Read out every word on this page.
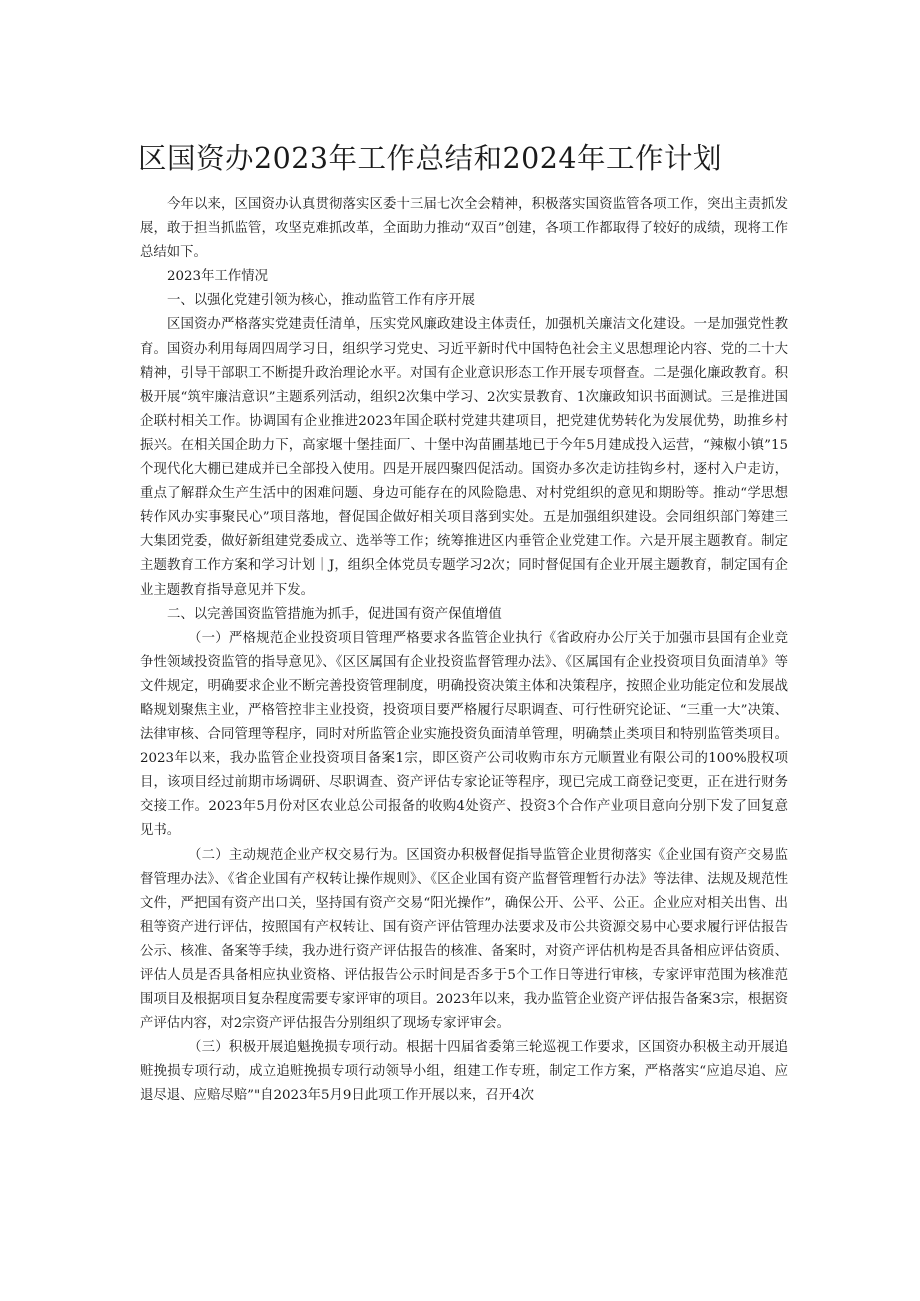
区国资办2023年工作总结和2024年工作计划

今年以来，区国资办认真贯彻落实区委十三届七次全会精神，积极落实国资监管各项工作，突出主责抓发展，敢于担当抓监管，攻坚克难抓改革，全面助力推动“双百”创建，各项工作都取得了较好的成绩，现将工作总结如下。

2023年工作情况

一、以强化党建引领为核心，推动监管工作有序开展

区国资办严格落实党建责任清单，压实党风廉政建设主体责任，加强机关廉洁文化建设。一是加强党性教育。国资办利用每周四周学习日，组织学习党史、习近平新时代中国特色社会主义思想理论内容、党的二十大精神，引导干部职工不断提升政治理论水平。对国有企业意识形态工作开展专项督查。二是强化廉政教育。积极开展“筑牢廉洁意识”主题系列活动，组织2次集中学习、2次实景教育、1次廉政知识书面测试。三是推进国企联村相关工作。协调国有企业推进2023年国企联村党建共建项目，把党建优势转化为发展优势，助推乡村振兴。在相关国企助力下，高家堰十堡挂面厂、十堡中沟苗圃基地已于今年5月建成投入运营，“辣椒小镇”15个现代化大棚已建成并已全部投入使用。四是开展四聚四促活动。国资办多次走访挂钩乡村，逐村入户走访，重点了解群众生产生活中的困难问题、身边可能存在的风险隐患、对村党组织的意见和期盼等。推动“学思想转作风办实事聚民心”项目落地，督促国企做好相关项目落到实处。五是加强组织建设。会同组织部门筹建三大集团党委，做好新组建党委成立、选举等工作；统筹推进区内垂管企业党建工作。六是开展主题教育。制定主题教育工作方案和学习计划｜J，组织全体党员专题学习2次；同时督促国有企业开展主题教育，制定国有企业主题教育指导意见并下发。

二、以完善国资监管措施为抓手，促进国有资产保值增值

（一）严格规范企业投资项目管理严格要求各监管企业执行《省政府办公厅关于加强市县国有企业竞争性领域投资监管的指导意见》、《区区属国有企业投资监督管理办法》、《区属国有企业投资项目负面清单》等文件规定，明确要求企业不断完善投资管理制度，明确投资决策主体和决策程序，按照企业功能定位和发展战略规划聚焦主业，严格管控非主业投资，投资项目要严格履行尽职调查、可行性研究论证、“三重一大”决策、法律审核、合同管理等程序，同时对所监管企业实施投资负面清单管理，明确禁止类项目和特别监管类项目。2023年以来，我办监管企业投资项目备案1宗，即区资产公司收购市东方元顺置业有限公司的100%股权项目，该项目经过前期市场调研、尽职调查、资产评估专家论证等程序，现已完成工商登记变更，正在进行财务交接工作。2023年5月份对区农业总公司报备的收购4处资产、投资3个合作产业项目意向分别下发了回复意见书。

（二）主动规范企业产权交易行为。区国资办积极督促指导监管企业贯彻落实《企业国有资产交易监督管理办法》、《省企业国有产权转让操作规则》、《区企业国有资产监督管理暂行办法》等法律、法规及规范性文件，严把国有资产出口关，坚持国有资产交易“阳光操作”，确保公开、公平、公正。企业应对相关出售、出租等资产进行评估，按照国有产权转让、国有资产评估管理办法要求及市公共资源交易中心要求履行评估报告公示、核准、备案等手续，我办进行资产评估报告的核准、备案时，对资产评估机构是否具备相应评估资质、评估人员是否具备相应执业资格、评估报告公示时间是否多于5个工作日等进行审核，专家评审范围为核准范围项目及根据项目复杂程度需要专家评审的项目。2023年以来，我办监管企业资产评估报告备案3宗，根据资产评估内容，对2宗资产评估报告分别组织了现场专家评审会。

（三）积极开展追魁挽损专项行动。根据十四届省委第三轮巡视工作要求，区国资办积极主动开展追赃挽损专项行动，成立追赃挽损专项行动领导小组，组建工作专班，制定工作方案，严格落实“应追尽追、应退尽退、应赔尽赔”"自2023年5月9日此项工作开展以来，召开4次
